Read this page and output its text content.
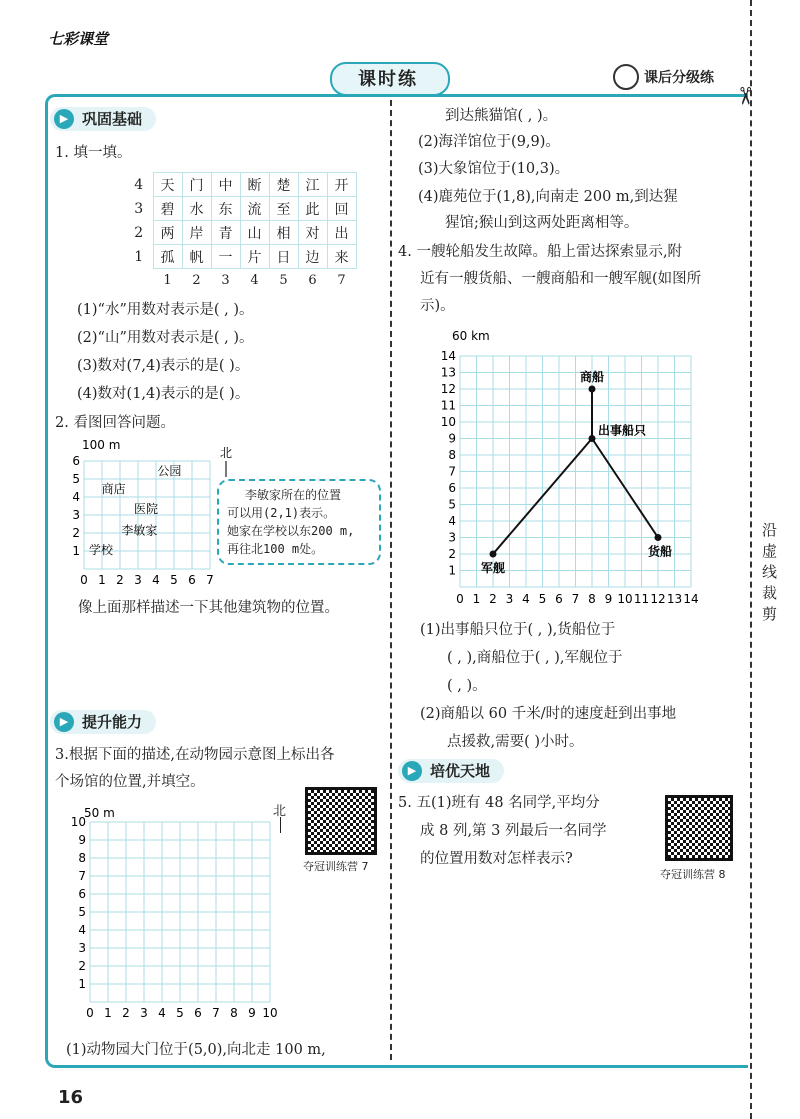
七彩课堂
课时练	课后分级练
✂
沿虚线裁剪
16
▶ 巩固基础
1. 填一填。
4	天	门	中	断	楚	江	开
3	碧	水	东	流	至	此	回
2	两	岸	青	山	相	对	出
1	孤	帆	一	片	日	边	来
	1	2	3	4	5	6	7
(1)“水”用数对表示是( , )。
(2)“山”用数对表示是( , )。
(3)数对(7,4)表示的是( )。
(4)数对(1,4)表示的是( )。
2. 看图回答问题。
0 1 2 3 4 5 6 7
6
5
4
3
2
1
100 m
北
公园
商店
医院
李敏家
学校
李敏家所在的位置
可以用(2,1)表示。
她家在学校以东200 m,
再往北100 m处。
像上面那样描述一下其他建筑物的位置。
▶ 提升能力
3.根据下面的描述,在动物园示意图上标出各
个场馆的位置,并填空。
0 1 2 3 4 5 6 7 8 9 10
10
9
8
7
6
5
4
3
2
1
50 m	北
夺冠训练营 7
(1)动物园大门位于(5,0),向北走 100 m,
到达熊猫馆( , )。
(2)海洋馆位于(9,9)。
(3)大象馆位于(10,3)。
(4)鹿苑位于(1,8),向南走 200 m,到达猩
猩馆;猴山到这两处距离相等。
4. 一艘轮船发生故障。船上雷达探索显示,附
近有一艘货船、一艘商船和一艘军舰(如图所
示)。
0 1 2 3 4 5 6 7 8 9 10 11 12 13 14
1
2
3
4
5
6
7
8
9
10
11
12
13
14
出事船只
商船
货船
军舰
60 km
(1)出事船只位于( , ),货船位于
( , ),商船位于( , ),军舰位于
( , )。
(2)商船以 60 千米/时的速度赶到出事地
点援救,需要( )小时。
▶ 培优天地
5. 五(1)班有 48 名同学,平均分
成 8 列,第 3 列最后一名同学
的位置用数对怎样表示?
夺冠训练营 8
